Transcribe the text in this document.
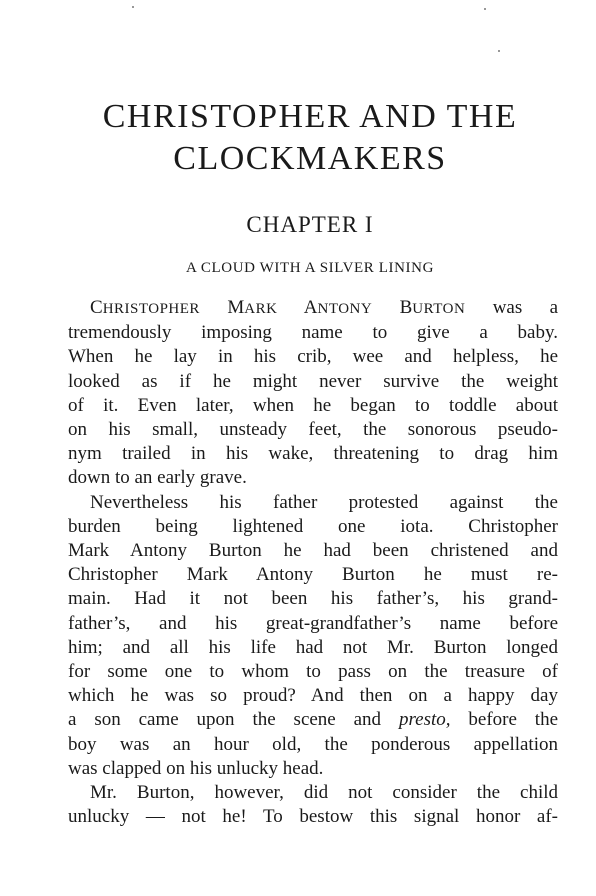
CHRISTOPHER AND THE
CLOCKMAKERS
CHAPTER I
A CLOUD WITH A SILVER LINING
CHRISTOPHER MARK ANTONY BURTON was a
tremendously imposing name to give a baby.
When he lay in his crib, wee and helpless, he
looked as if he might never survive the weight
of it. Even later, when he began to toddle about
on his small, unsteady feet, the sonorous pseudo-
nym trailed in his wake, threatening to drag him
down to an early grave.
Nevertheless his father protested against the
burden being lightened one iota. Christopher
Mark Antony Burton he had been christened and
Christopher Mark Antony Burton he must re-
main. Had it not been his father’s, his grand-
father’s, and his great-grandfather’s name before
him; and all his life had not Mr. Burton longed
for some one to whom to pass on the treasure of
which he was so proud? And then on a happy day
a son came upon the scene and presto, before the
boy was an hour old, the ponderous appellation
was clapped on his unlucky head.
Mr. Burton, however, did not consider the child
unlucky — not he! To bestow this signal honor af-
